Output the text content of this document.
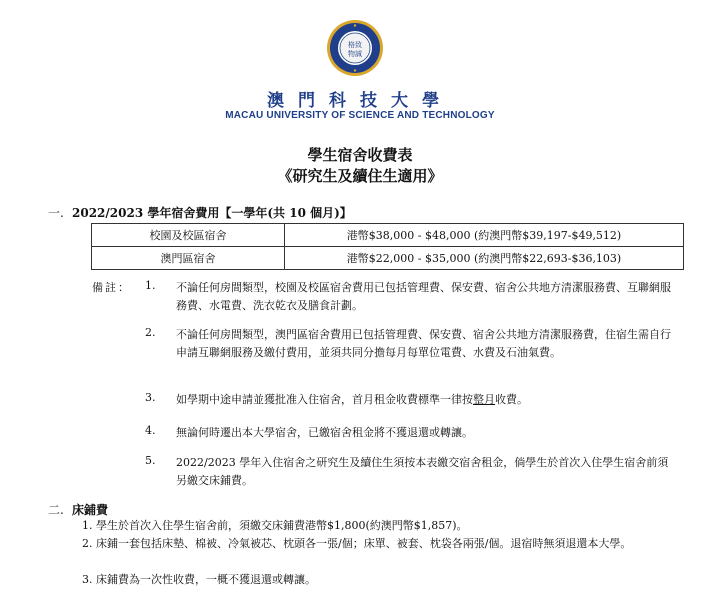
格致
物誠
澳門科技大學
MACAU UNIVERSITY OF SCIENCE AND TECHNOLOGY
學生宿舍收費表
《研究生及續住生適用》
一. 2022/2023 學年宿舍費用【一學年(共 10 個月)】
校園及校區宿舍	港幣$38,000 - $48,000 (約澳門幣$39,197-$49,512)
澳門區宿舍	港幣$22,000 - $35,000 (約澳門幣$22,693-$36,103)
備註： 1.	不論任何房間類型，校園及校區宿舍費用已包括管理費、保安費、宿舍公共地方清潔服務費、互聯網服務費、水電費、洗衣乾衣及膳食計劃。
2.	不論任何房間類型，澳門區宿舍費用已包括管理費、保安費、宿舍公共地方清潔服務費，住宿生需自行申請互聯網服務及繳付費用，並須共同分擔每月每單位電費、水費及石油氣費。
3.	如學期中途申請並獲批准入住宿舍，首月租金收費標準一律按整月收費。
4.	無論何時遷出本大學宿舍，已繳宿舍租金將不獲退還或轉讓。
5.	2022/2023 學年入住宿舍之研究生及續住生須按本表繳交宿舍租金，倘學生於首次入住學生宿舍前須另繳交床鋪費。
二. 床鋪費
1. 學生於首次入住學生宿舍前，須繳交床鋪費港幣$1,800(約澳門幣$1,857)。
2. 床鋪一套包括床墊、棉被、冷氣被芯、枕頭各一張/個；床單、被套、枕袋各兩張/個。退宿時無須退還本大學。
3. 床鋪費為一次性收費，一概不獲退還或轉讓。
